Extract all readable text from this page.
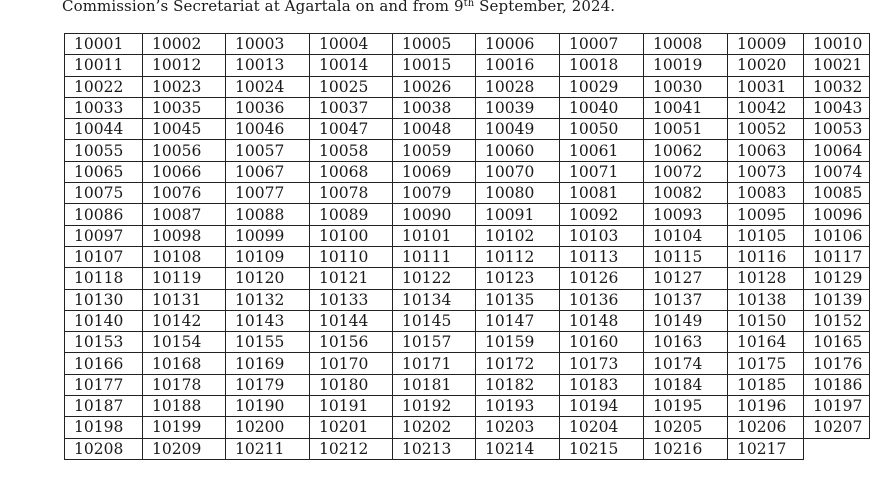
Commission’s Secretariat at Agartala on and from 9th September, 2024.
10001	10002	10003	10004	10005	10006	10007	10008	10009	10010
10011	10012	10013	10014	10015	10016	10018	10019	10020	10021
10022	10023	10024	10025	10026	10028	10029	10030	10031	10032
10033	10035	10036	10037	10038	10039	10040	10041	10042	10043
10044	10045	10046	10047	10048	10049	10050	10051	10052	10053
10055	10056	10057	10058	10059	10060	10061	10062	10063	10064
10065	10066	10067	10068	10069	10070	10071	10072	10073	10074
10075	10076	10077	10078	10079	10080	10081	10082	10083	10085
10086	10087	10088	10089	10090	10091	10092	10093	10095	10096
10097	10098	10099	10100	10101	10102	10103	10104	10105	10106
10107	10108	10109	10110	10111	10112	10113	10115	10116	10117
10118	10119	10120	10121	10122	10123	10126	10127	10128	10129
10130	10131	10132	10133	10134	10135	10136	10137	10138	10139
10140	10142	10143	10144	10145	10147	10148	10149	10150	10152
10153	10154	10155	10156	10157	10159	10160	10163	10164	10165
10166	10168	10169	10170	10171	10172	10173	10174	10175	10176
10177	10178	10179	10180	10181	10182	10183	10184	10185	10186
10187	10188	10190	10191	10192	10193	10194	10195	10196	10197
10198	10199	10200	10201	10202	10203	10204	10205	10206	10207
10208	10209	10211	10212	10213	10214	10215	10216	10217	
